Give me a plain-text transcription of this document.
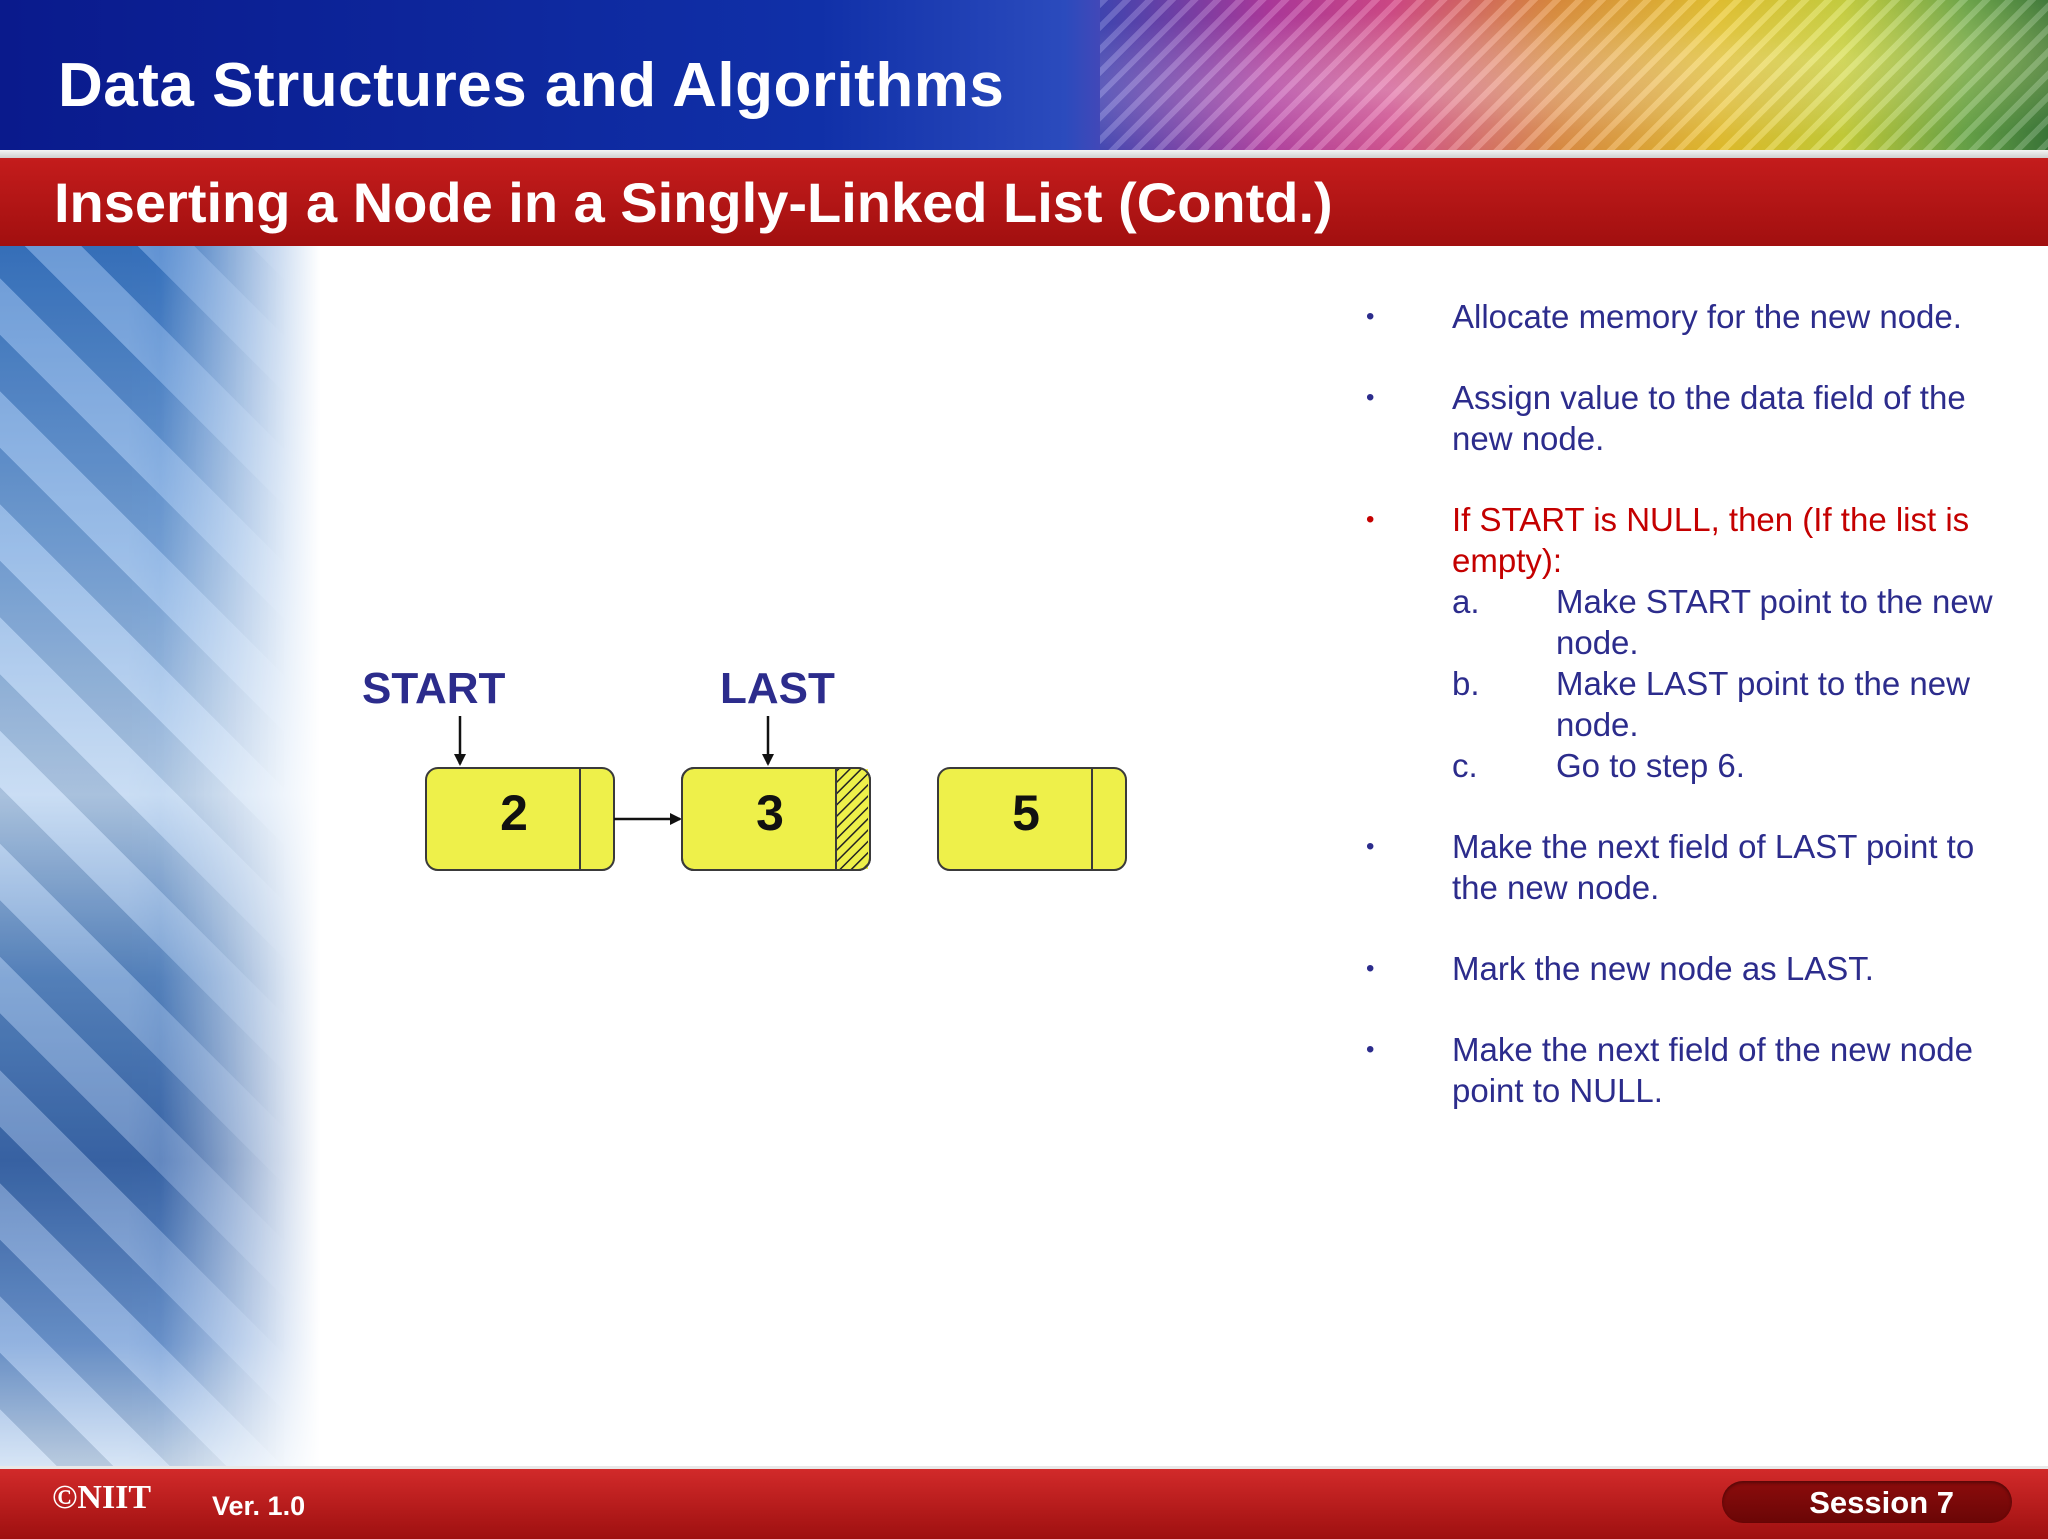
Data Structures and Algorithms
Inserting a Node in a Singly-Linked List (Contd.)
START	LAST
2	3	5
• Allocate memory for the new node.
• Assign value to the data field of the new node.
• If START is NULL, then (If the list is empty):
a. Make START point to the new node.
b. Make LAST point to the new node.
c. Go to step 6.
• Make the next field of LAST point to the new node.
• Mark the new node as LAST.
• Make the next field of the new node point to NULL.
©NIIT Ver. 1.0	Session 7
